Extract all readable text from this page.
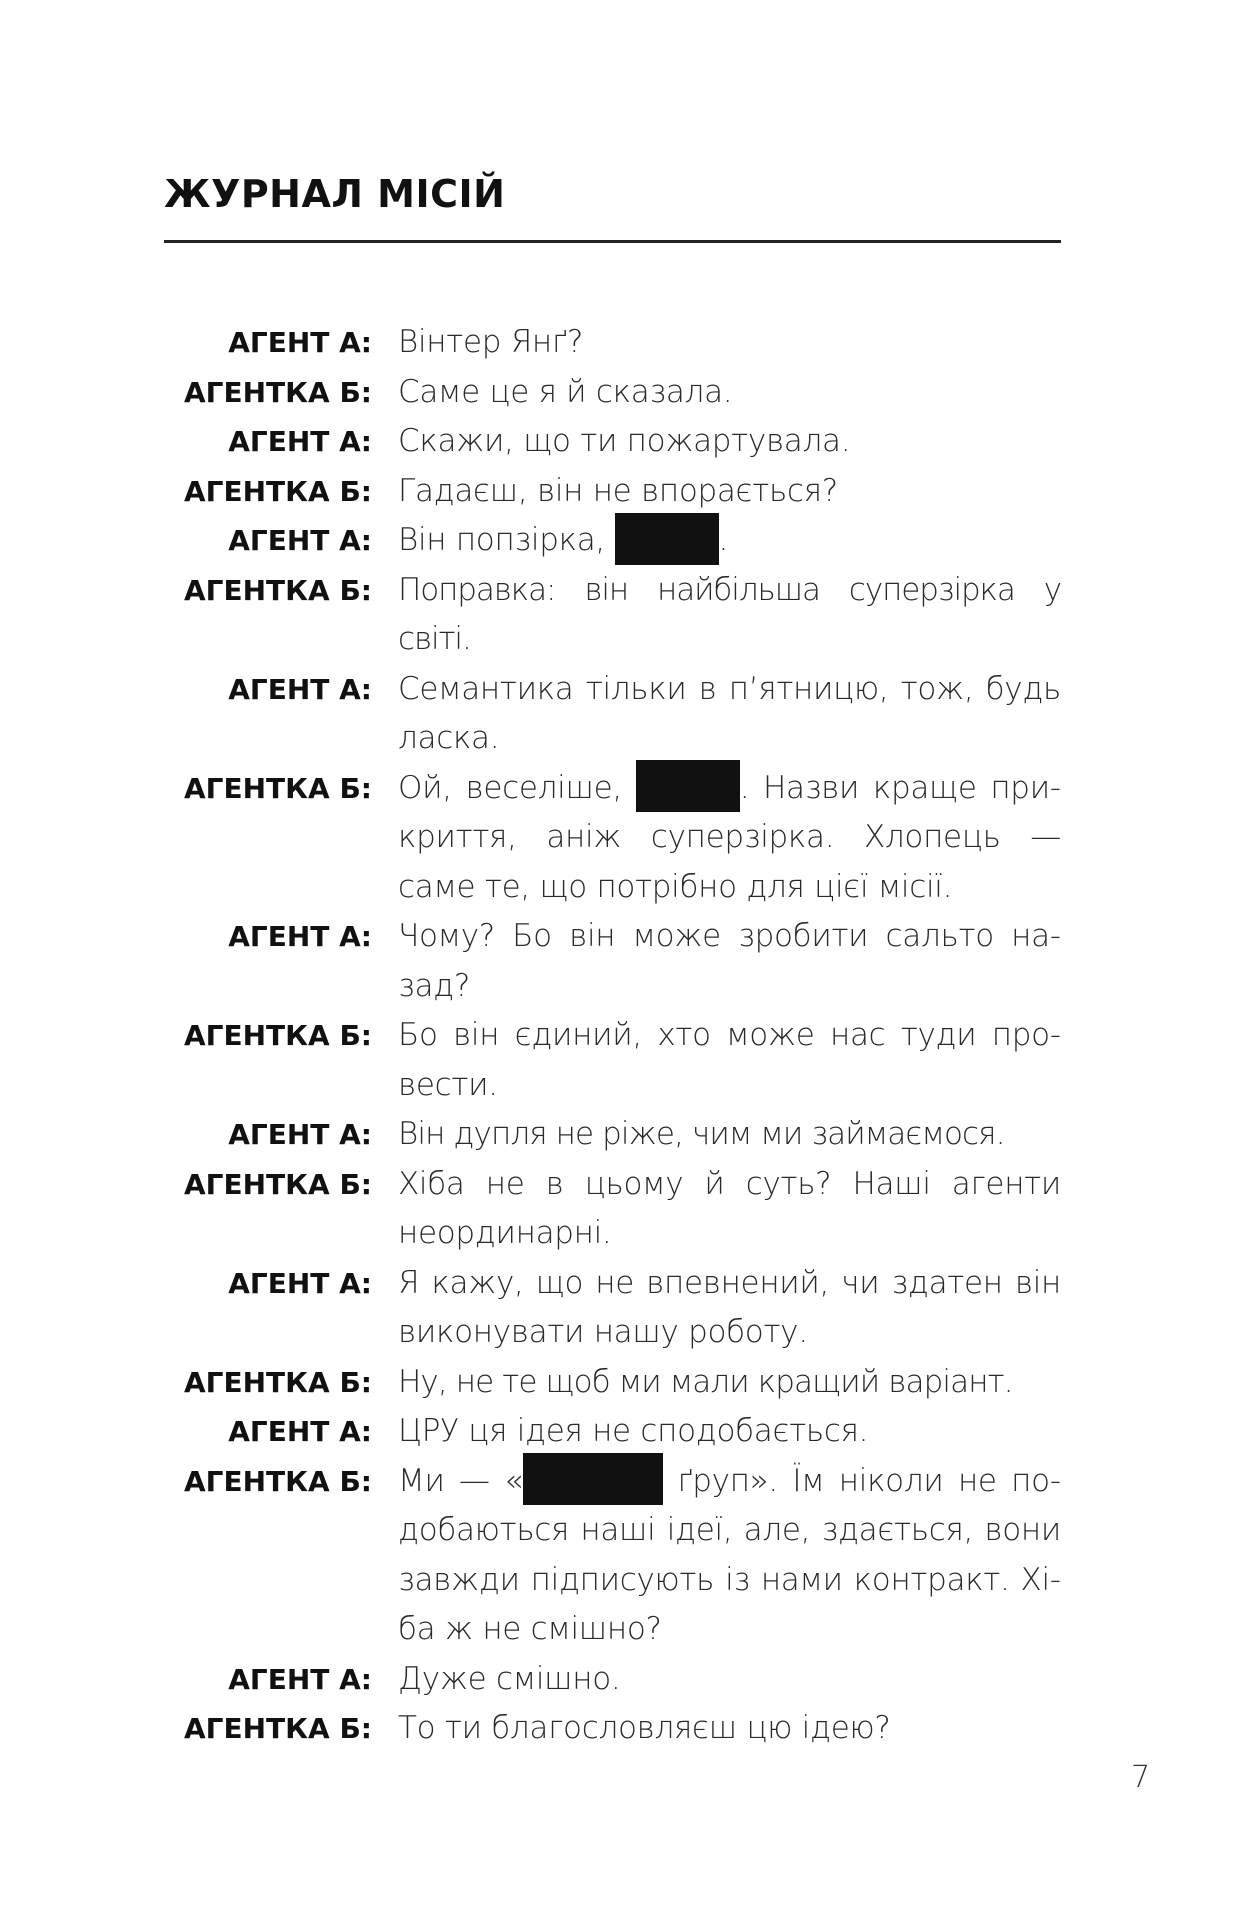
ЖУРНАЛ МІСІЙ
АГЕНТ А: Вінтер Янґ?
АГЕНТКА Б: Саме це я й сказала.
АГЕНТ А: Скажи, що ти пожартувала.
АГЕНТКА Б: Гадаєш, він не впорається?
АГЕНТ А: Він попзірка,	.
АГЕНТКА Б: Поправка: він найбільша суперзірка у світі.
АГЕНТ А: Семантика тільки в п’ятницю, тож, будь ласка.
АГЕНТКА Б: Ой, веселіше,	. Назви краще прикриття, аніж суперзірка. Хлопець — саме те, що потрібно для цієї місії.
АГЕНТ А: Чому? Бо він може зробити сальто назад?
АГЕНТКА Б: Бо він єдиний, хто може нас туди провести.
АГЕНТ А: Він дупля не ріже, чим ми займаємося.
АГЕНТКА Б: Хіба не в цьому й суть? Наші агенти неординарні.
АГЕНТ А: Я кажу, що не впевнений, чи здатен він виконувати нашу роботу.
АГЕНТКА Б: Ну, не те щоб ми мали кращий варіант.
АГЕНТ А: ЦРУ ця ідея не сподобається.
АГЕНТКА Б: Ми — «	ґруп». Їм ніколи не подобаються наші ідеї, але, здається, вони завжди підписують із нами контракт. Хіба ж не смішно?
АГЕНТ А: Дуже смішно.
АГЕНТКА Б: То ти благословляєш цю ідею?
7
